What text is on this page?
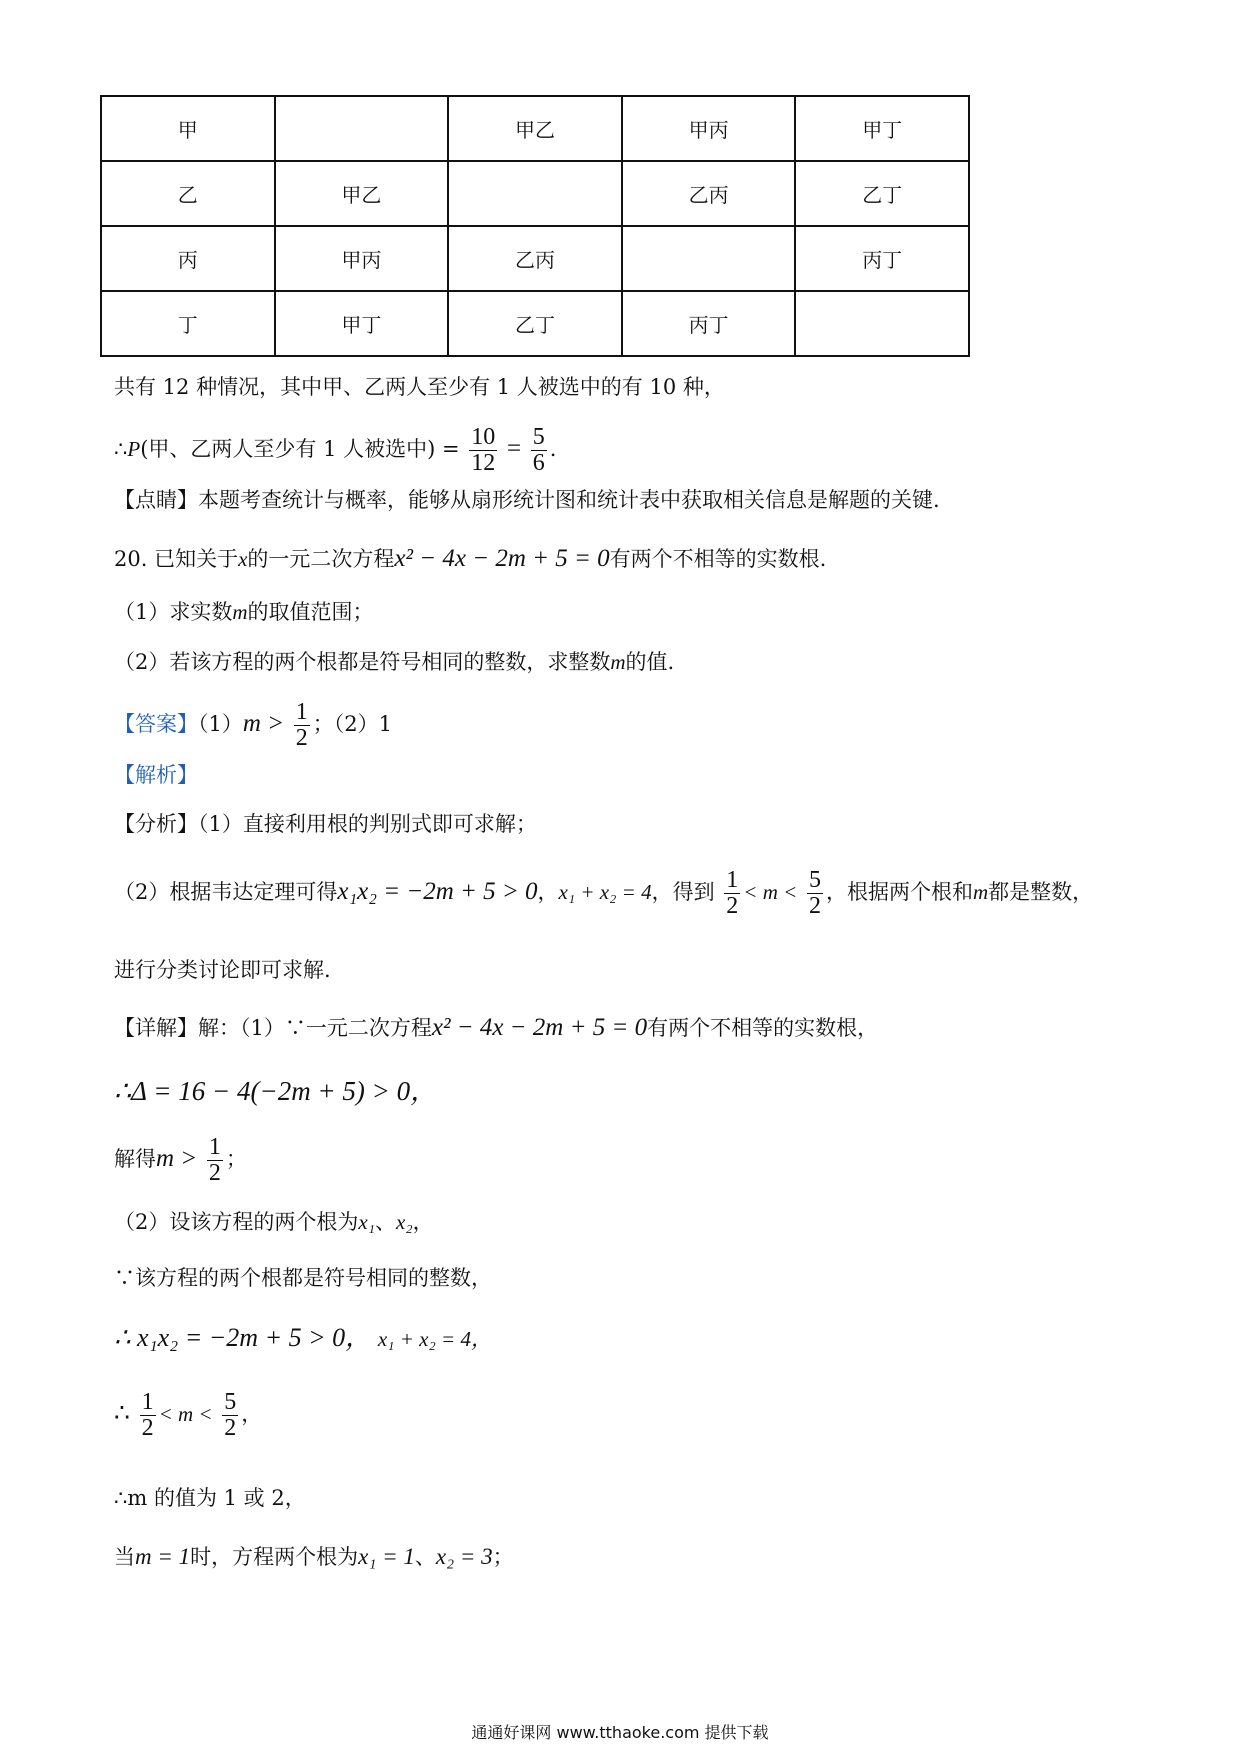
甲		甲乙	甲丙	甲丁
乙	甲乙		乙丙	乙丁
丙	甲丙	乙丙		丙丁
丁	甲丁	乙丁	丙丁	
共有 12 种情况，其中甲、乙两人至少有 1 人被选中的有 10 种，
∴P(甲、乙两人至少有 1 人被选中) = $\frac{10}{12} = \frac{5}{6}$ .
【点睛】本题考查统计与概率，能够从扇形统计图和统计表中获取相关信息是解题的关键.
20. 已知关于x的一元二次方程x² − 4x − 2m + 5 = 0有两个不相等的实数根.
（1）求实数m的取值范围；
（2）若该方程的两个根都是符号相同的整数，求整数m的值.
【答案】$(1)m > \frac{1}{2}$ ；（2）1
【解析】
【分析】（1）直接利用根的判别式即可求解；
（2）根据韦达定理可得x₁x₂ = −2m + 5 > 0，x₁ + x₂ = 4，得到 $\frac{1}{2} < m < \frac{5}{2}$ ，根据两个根和m都是整数，
进行分类讨论即可求解.
【详解】解：（1）∵一元二次方程x² − 4x − 2m + 5 = 0有两个不相等的实数根，
∴Δ = 16 − 4(−2m + 5) > 0，
解得$m > \frac{1}{2}$ ；
（2）设该方程的两个根为x₁、x₂，
∵该方程的两个根都是符号相同的整数，
∴ x₁x₂ = −2m + 5 > 0， x₁ + x₂ = 4，
∴ $\frac{1}{2} < m < \frac{5}{2}$ ，
∴m 的值为 1 或 2，
当m = 1时，方程两个根为x₁ = 1、x₂ = 3；
通通好课网 www.tthaoke.com 提供下载
